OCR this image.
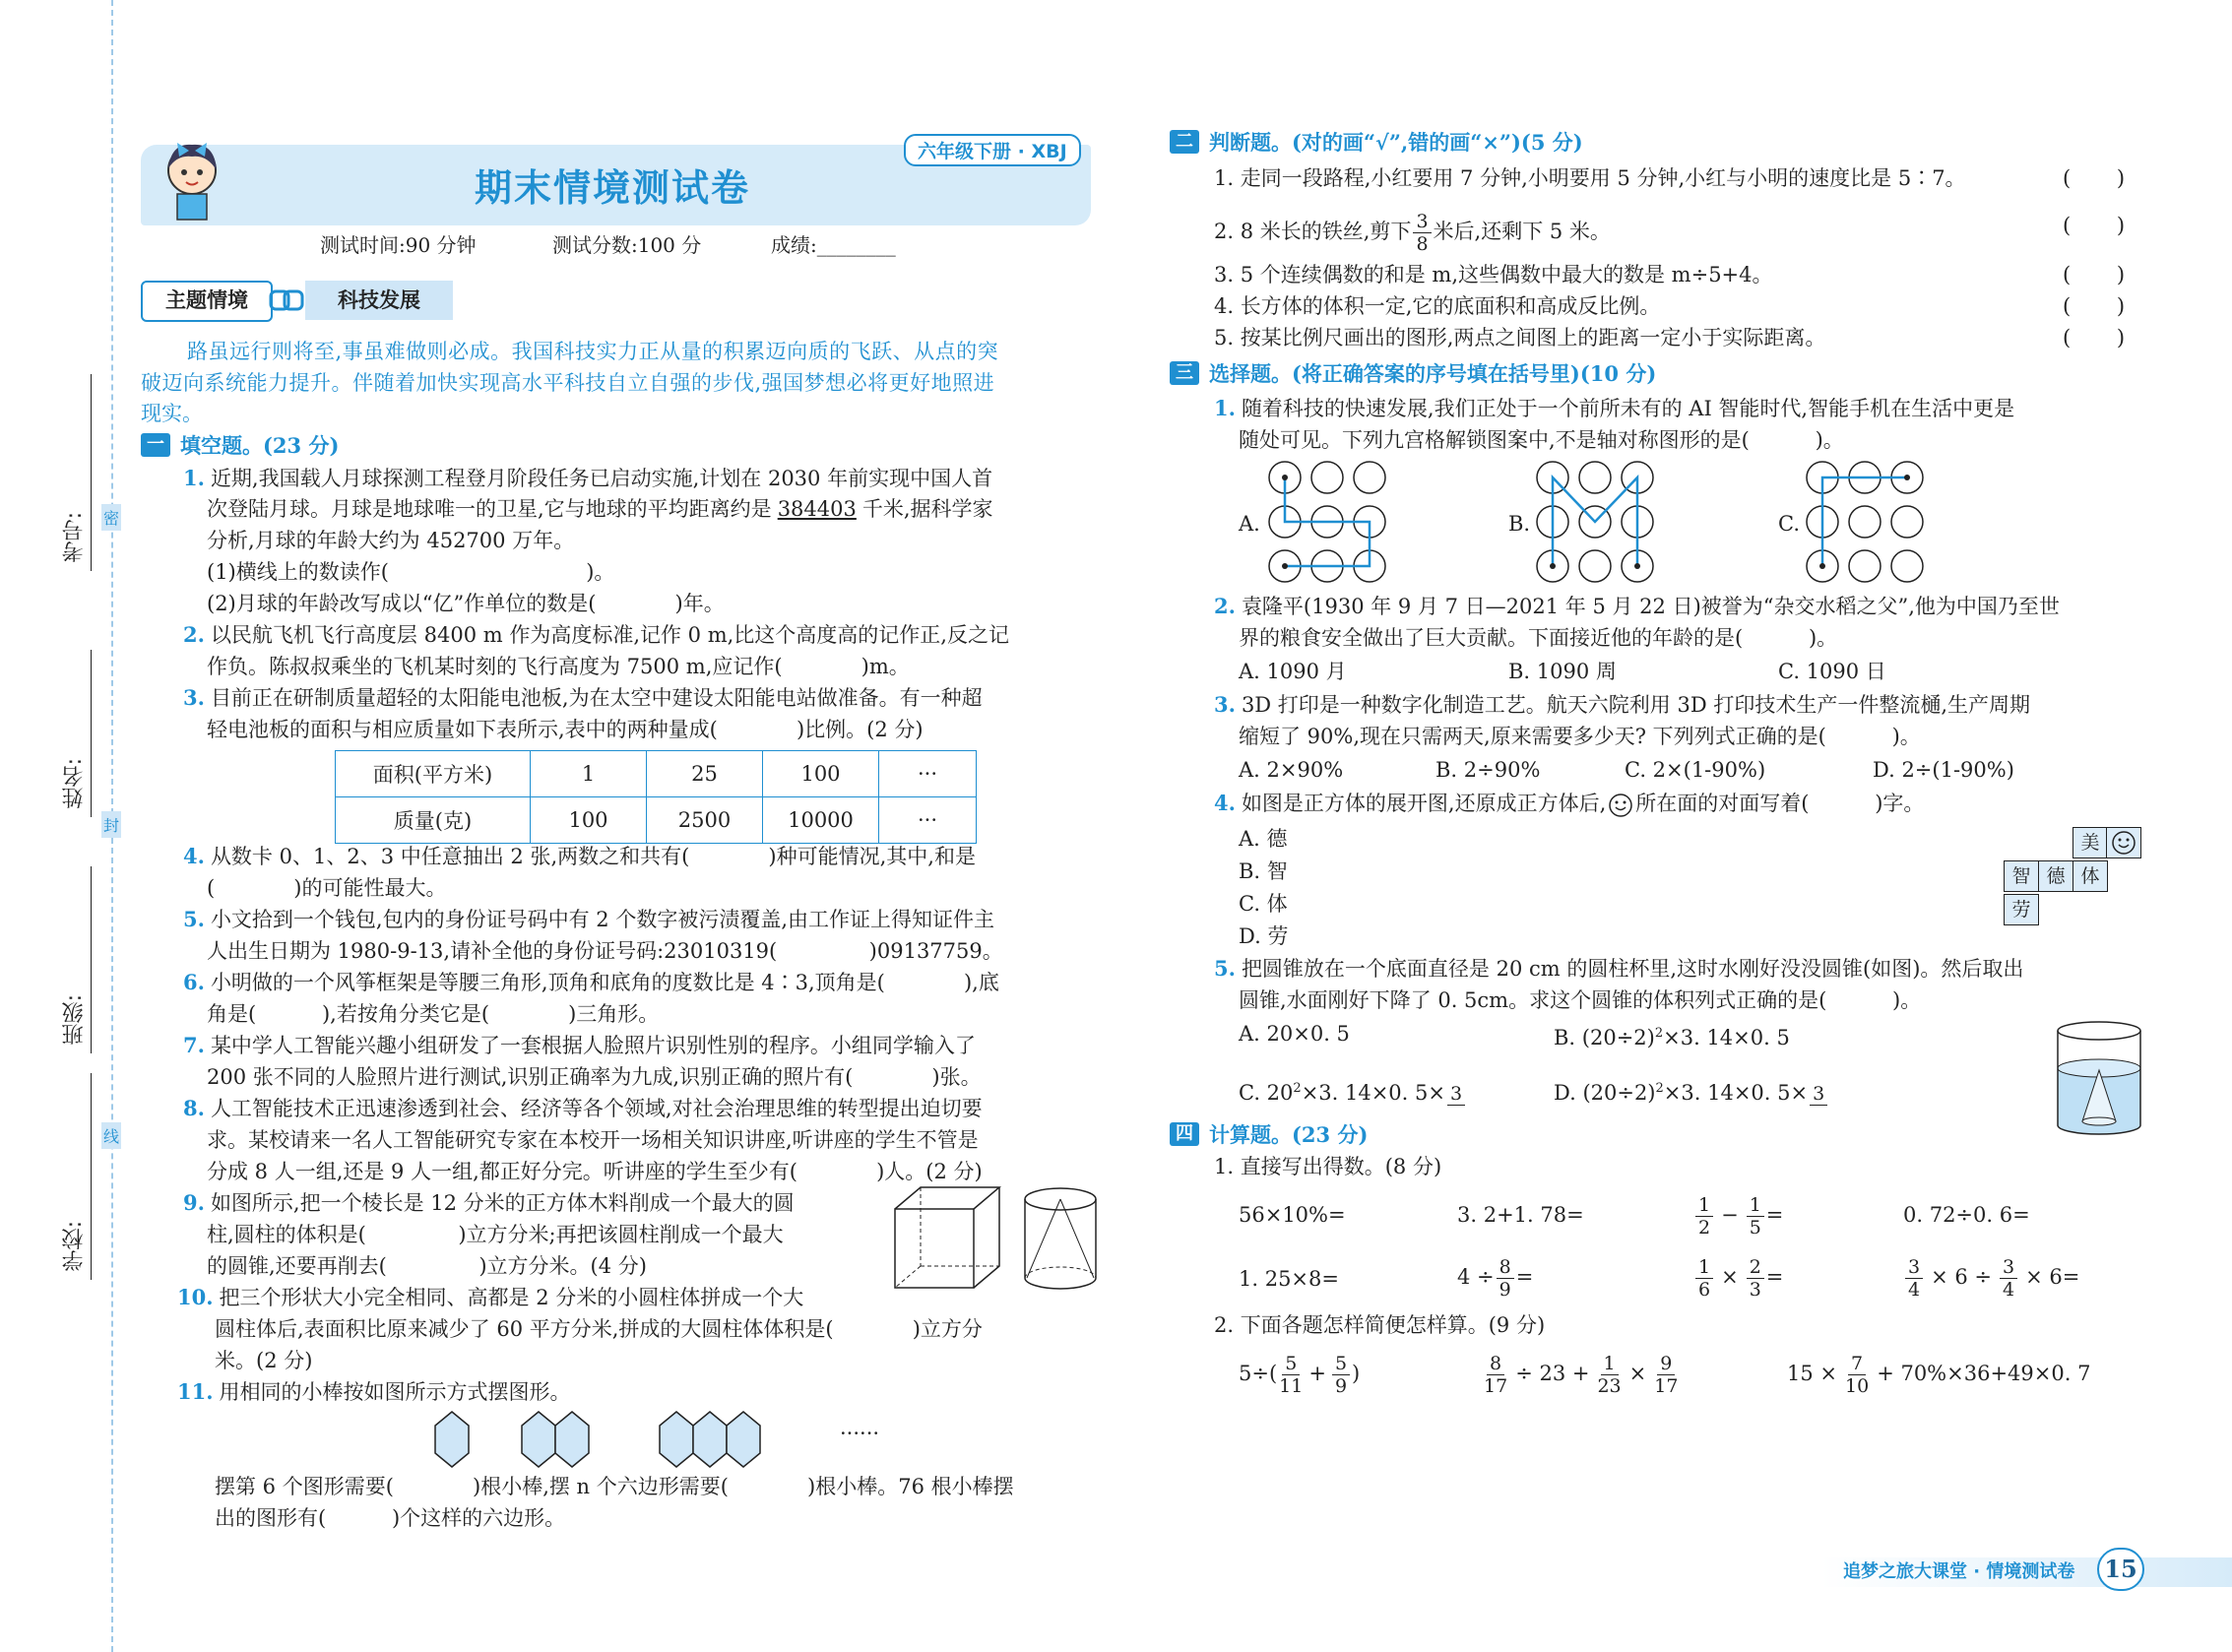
考号:
姓名:
班级:
学校:
密
封
线
期末情境测试卷
六年级下册 · XBJ
测试时间:90 分钟	测试分数:100 分	成绩:________
主题情境	科技发展
路虽远行则将至,事虽难做则必成。我国科技实力正从量的积累迈向质的飞跃、从点的突
破迈向系统能力提升。伴随着加快实现高水平科技自立自强的步伐,强国梦想必将更好地照进
现实。
一 填空题。(23 分)
1. 近期,我国载人月球探测工程登月阶段任务已启动实施,计划在 2030 年前实现中国人首
次登陆月球。月球是地球唯一的卫星,它与地球的平均距离约是 384403 千米,据科学家
分析,月球的年龄大约为 452700 万年。
(1)横线上的数读作(                              )。
(2)月球的年龄改写成以“亿”作单位的数是(            )年。
2. 以民航飞机飞行高度层 8400 m 作为高度标准,记作 0 m,比这个高度高的记作正,反之记
作负。陈叔叔乘坐的飞机某时刻的飞行高度为 7500 m,应记作(            )m。
3. 目前正在研制质量超轻的太阳能电池板,为在太空中建设太阳能电站做准备。有一种超
轻电池板的面积与相应质量如下表所示,表中的两种量成(            )比例。(2 分)
面积(平方米)	1	25	100	···
质量(克)	100	2500	10000	···
4. 从数卡 0、1、2、3 中任意抽出 2 张,两数之和共有(            )种可能情况,其中,和是
(            )的可能性最大。
5. 小文拾到一个钱包,包内的身份证号码中有 2 个数字被污渍覆盖,由工作证上得知证件主
人出生日期为 1980-9-13,请补全他的身份证号码:23010319(              )09137759。
6. 小明做的一个风筝框架是等腰三角形,顶角和底角的度数比是 4∶3,顶角是(            ),底
角是(          ),若按角分类它是(            )三角形。
7. 某中学人工智能兴趣小组研发了一套根据人脸照片识别性别的程序。小组同学输入了
200 张不同的人脸照片进行测试,识别正确率为九成,识别正确的照片有(            )张。
8. 人工智能技术正迅速渗透到社会、经济等各个领域,对社会治理思维的转型提出迫切要
求。某校请来一名人工智能研究专家在本校开一场相关知识讲座,听讲座的学生不管是
分成 8 人一组,还是 9 人一组,都正好分完。听讲座的学生至少有(            )人。(2 分)
9. 如图所示,把一个棱长是 12 分米的正方体木料削成一个最大的圆
柱,圆柱的体积是(              )立方分米;再把该圆柱削成一个最大
的圆锥,还要再削去(              )立方分米。(4 分)
10. 把三个形状大小完全相同、高都是 2 分米的小圆柱体拼成一个大
圆柱体后,表面积比原来减少了 60 平方分米,拼成的大圆柱体体积是(            )立方分
米。(2 分)
11. 用相同的小棒按如图所示方式摆图形。
······
摆第 6 个图形需要(            )根小棒,摆 n 个六边形需要(            )根小棒。76 根小棒摆
出的图形有(          )个这样的六边形。
二 判断题。(对的画“√”,错的画“×”)(5 分)
1. 走同一段路程,小红要用 7 分钟,小明要用 5 分钟,小红与小明的速度比是 5∶7。	(       )
2. 8 米长的铁丝,剪下 $\frac{3}{8}$ 米后,还剩下 5 米。	(       )
3. 5 个连续偶数的和是 m,这些偶数中最大的数是 m÷5+4。	(       )
4. 长方体的体积一定,它的底面积和高成反比例。	(       )
5. 按某比例尺画出的图形,两点之间图上的距离一定小于实际距离。	(       )
三 选择题。(将正确答案的序号填在括号里)(10 分)
1. 随着科技的快速发展,我们正处于一个前所未有的 AI 智能时代,智能手机在生活中更是
随处可见。下列九宫格解锁图案中,不是轴对称图形的是(          )。
A.	B.	C.
2. 袁隆平(1930 年 9 月 7 日—2021 年 5 月 22 日)被誉为“杂交水稻之父”,他为中国乃至世
界的粮食安全做出了巨大贡献。下面接近他的年龄的是(          )。
A. 1090 月	B. 1090 周	C. 1090 日
3. 3D 打印是一种数字化制造工艺。航天六院利用 3D 打印技术生产一件整流樋,生产周期
缩短了 90%,现在只需两天,原来需要多少天? 下列列式正确的是(          )。
A. 2×90%	B. 2÷90%	C. 2×(1-90%)	D. 2÷(1-90%)
4. 如图是正方体的展开图,还原成正方体后, 所在面的对面写着(          )字。
A. 德
B. 智
C. 体
D. 劳
美
智 德 体
劳
5. 把圆锥放在一个底面直径是 20 cm 的圆柱杯里,这时水刚好没没圆锥(如图)。然后取出
圆锥,水面刚好下降了 0. 5cm。求这个圆锥的体积列式正确的是(          )。
A. 20×0. 5	B. $(20\div 2)^2\times 3$. 14×0. 5
C. $20^2\times 3$. 14×0. 5× 3	D. $(20\div 2)^2\times 3$. 14×0. 5× 3
四 计算题。(23 分)
1. 直接写出得数。(8 分)
56×10%=	3. 2+1. 78=	$\frac{1}{2} - \frac{1}{5}$ =	0. 72÷0. 6=
1. 25×8=	$4 \div \frac{8}{9}$ =	$\frac{1}{6} \times \frac{2}{3}$ =	$\frac{3}{4} \times 6 \div \frac{3}{4} \times 6=$
2. 下面各题怎样简便怎样算。(9 分)
$5\div( \frac{5}{11} + \frac{5}{9}$ )	$\frac{8}{17} \div 23 + \frac{1}{23} \times \frac{9}{17}$	$15 \times \frac{7}{10} + 70\%\times 36+49\times 0$. 7
追梦之旅大课堂 · 情境测试卷	15
